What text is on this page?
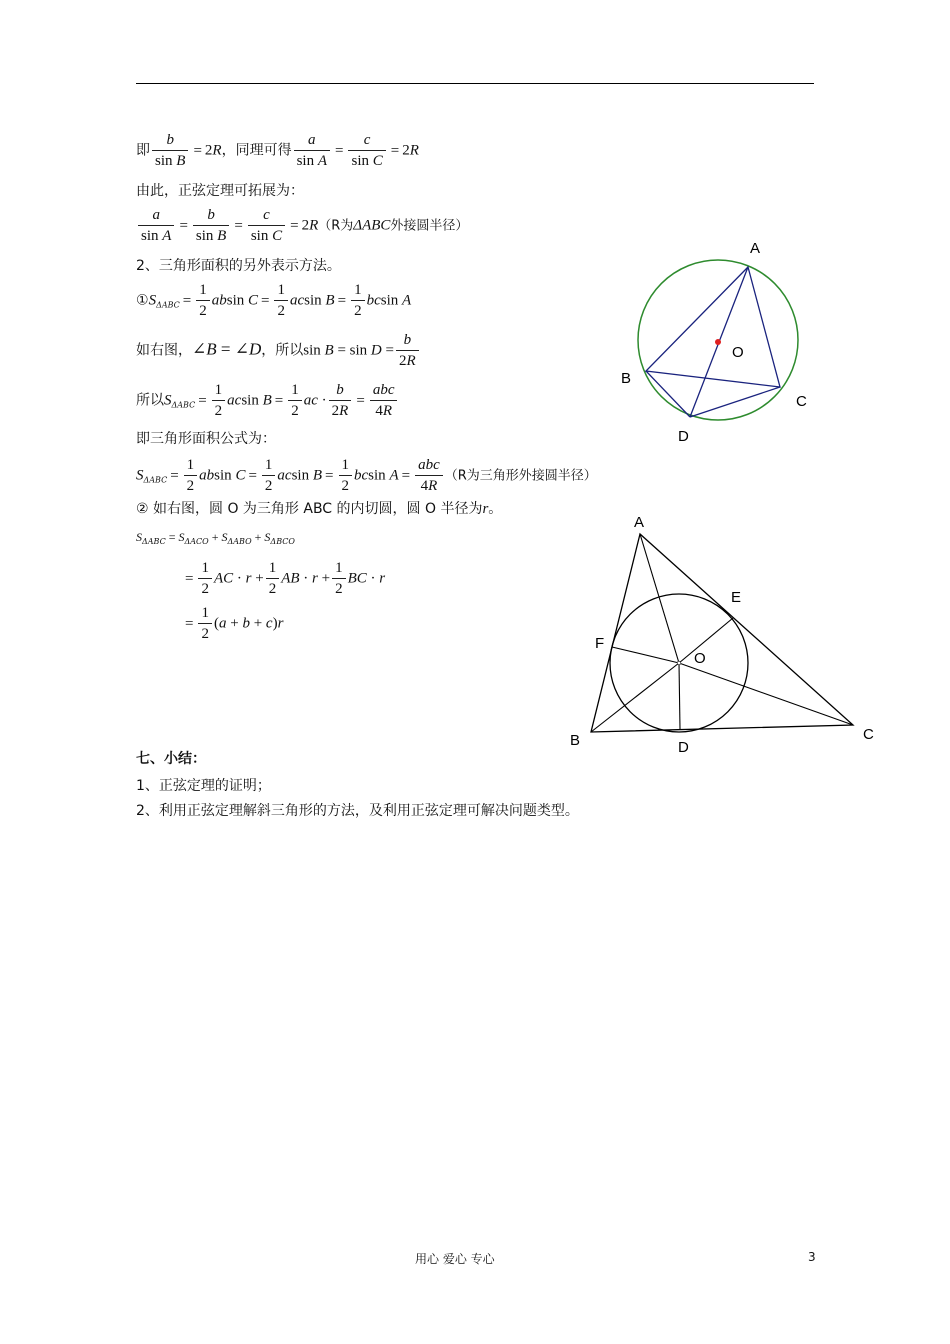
即 $\frac{b}{\text{sin B}} = 2R$，同理可得 $\frac{a}{\text{sin A}} = \frac{c}{\text{sin C}} = 2R$
由此，正弦定理可拓展为：
$\frac{a}{\text{sin A}} = \frac{b}{\text{sin B}} = \frac{c}{\text{sin C}} = 2R(R$为ΔABC外接圆半径）
2、三角形面积的另外表示方法。
$①S_{\Delta ABC} = \frac{1}{2}$ absin $C = \frac{1}{2}$ acsin $B = \frac{1}{2}$ bcsin A
如右图，∠B = ∠D，所以$\sin B = \sin D = \frac{b}{2R}$
所以$S_{\Delta ABC} = \frac{1}{2}$ acsin $B = \frac{1}{2}$ ac · $\frac{b}{2R} = \frac{\text{abc}}{4R}$
即三角形面积公式为：
$S_{\Delta ABC} = \frac{1}{2}$ absin $C = \frac{1}{2}$ acsin $B = \frac{1}{2}$ bcsin $A = \frac{\text{abc}}{4R} (R$为三角形外接圆半径）
② 如右图，圆 O 为三角形 ABC 的内切圆，圆 O 半径为r。
$S_{\Delta ABC} = S_{\Delta ACO} + S_{\Delta ABO} + S_{\Delta BCO}$
= $\frac{1}{2}$ AC · $r + \frac{1}{2}$ AB · $r + \frac{1}{2}$ BC · r
= $\frac{1}{2} (a + b + c)r$
七、小结：
1、正弦定理的证明；
2、利用正弦定理解斜三角形的方法，及利用正弦定理可解决问题类型。
A
B
C
D
O
A
B	C
D
E
F
O
用心 爱心 专心	3
